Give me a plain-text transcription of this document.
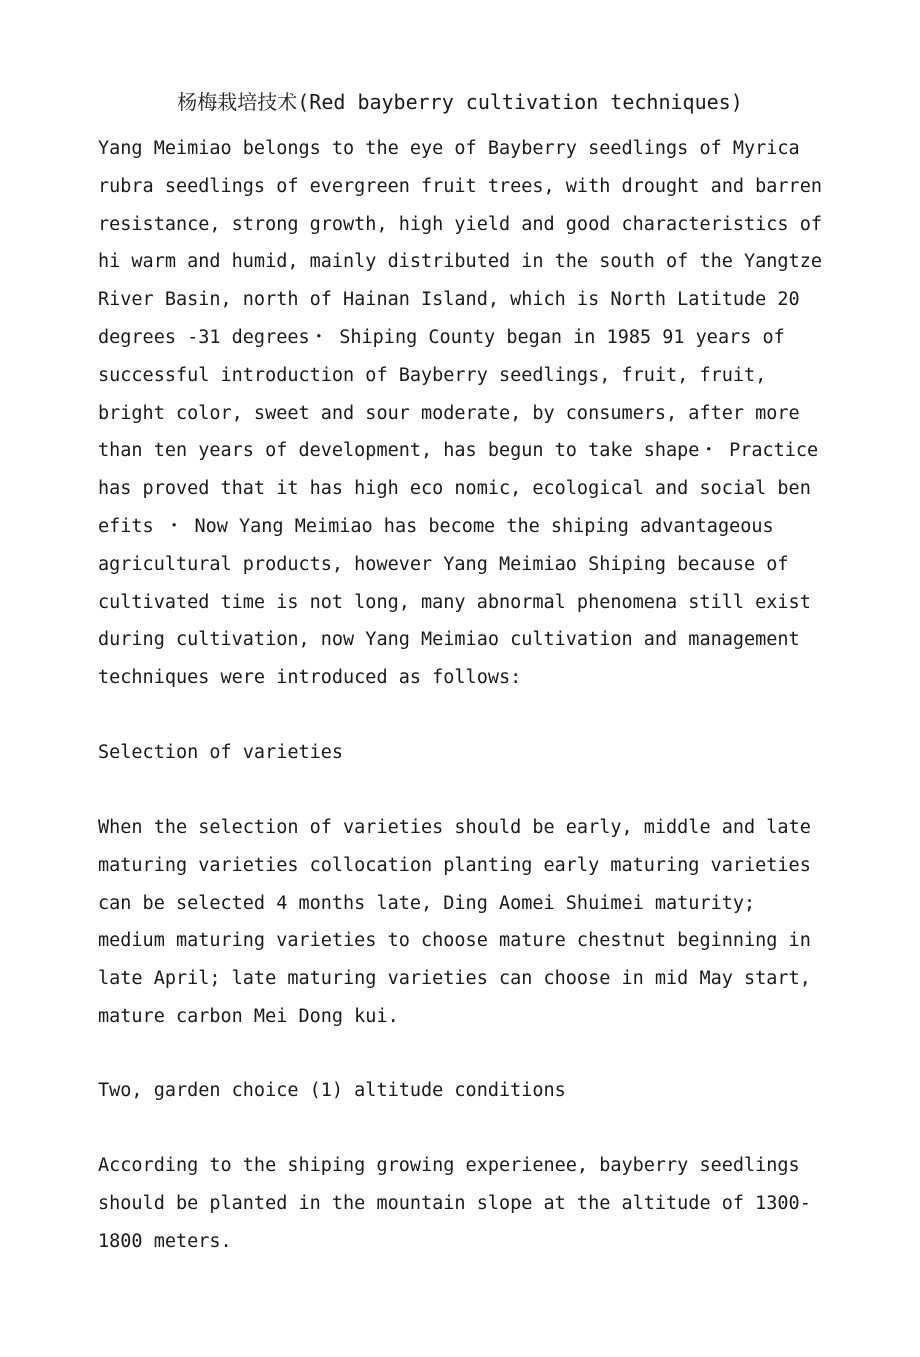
杨梅栽培技术(Red bayberry cultivation techniques)

Yang Meimiao belongs to the eye of Bayberry seedlings of Myrica rubra seedlings of evergreen fruit trees, with drought and barren resistance, strong growth, high yield and good characteristics of hi warm and humid, mainly distributed in the south of the Yangtze River Basin, north of Hainan Island, which is North Latitude 20 degrees -31 degrees・ Shiping County began in 1985 91 years of successful introduction of Bayberry seedlings, fruit, fruit, bright color, sweet and sour moderate, by consumers, after more than ten years of development, has begun to take shape・ Practice has proved that it has high eco nomic, ecological and social ben efits ・ Now Yang Meimiao has become the shiping advantageous agricultural products, however Yang Meimiao Shiping because of cultivated time is not long, many abnormal phenomena still exist during cultivation, now Yang Meimiao cultivation and management techniques were introduced as follows:

Selection of varieties

When the selection of varieties should be early, middle and late maturing varieties collocation planting early maturing varieties can be selected 4 months late, Ding Aomei Shuimei maturity; medium maturing varieties to choose mature chestnut beginning in late April; late maturing varieties can choose in mid May start, mature carbon Mei Dong kui.

Two, garden choice (1) altitude conditions

According to the shiping growing experienee, bayberry seedlings should be planted in the mountain slope at the altitude of 1300-1800 meters.
